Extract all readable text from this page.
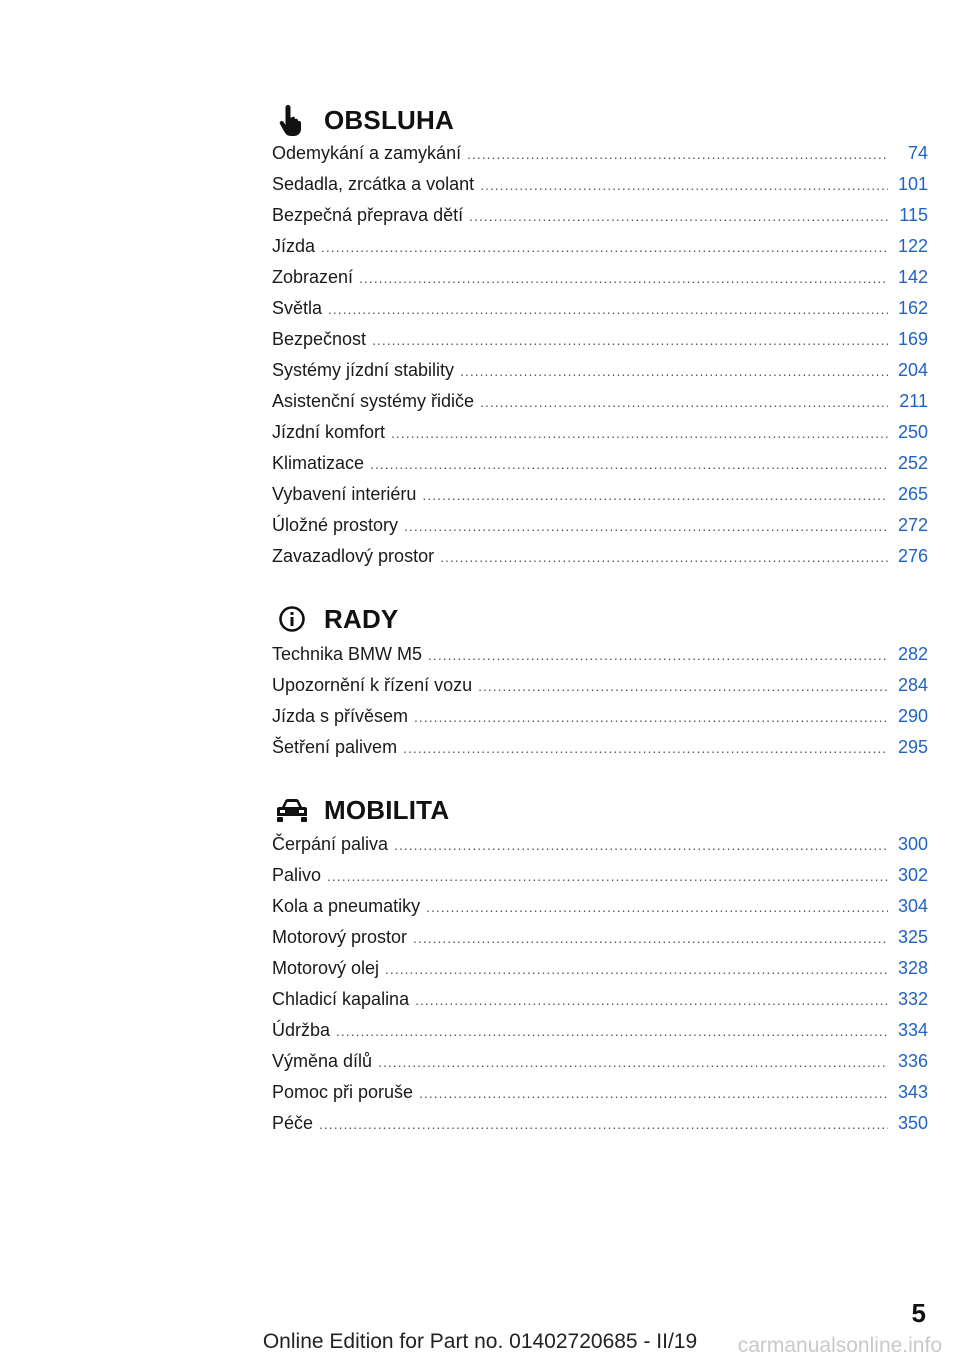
OBSLUHA
Odemykání a zamykání .....	74
Sedadla, zrcátka a volant .....	101
Bezpečná přeprava dětí .....	115
Jízda .....	122
Zobrazení .....	142
Světla .....	162
Bezpečnost .....	169
Systémy jízdní stability .....	204
Asistenční systémy řidiče .....	211
Jízdní komfort .....	250
Klimatizace .....	252
Vybavení interiéru .....	265
Úložné prostory .....	272
Zavazadlový prostor .....	276
RADY
Technika BMW M5 .....	282
Upozornění k řízení vozu .....	284
Jízda s přívěsem .....	290
Šetření palivem .....	295
MOBILITA
Čerpání paliva .....	300
Palivo .....	302
Kola a pneumatiky .....	304
Motorový prostor .....	325
Motorový olej .....	328
Chladicí kapalina .....	332
Údržba .....	334
Výměna dílů .....	336
Pomoc při poruše .....	343
Péče .....	350
5
Online Edition for Part no. 01402720685 - II/19	carmanualsonline.info
